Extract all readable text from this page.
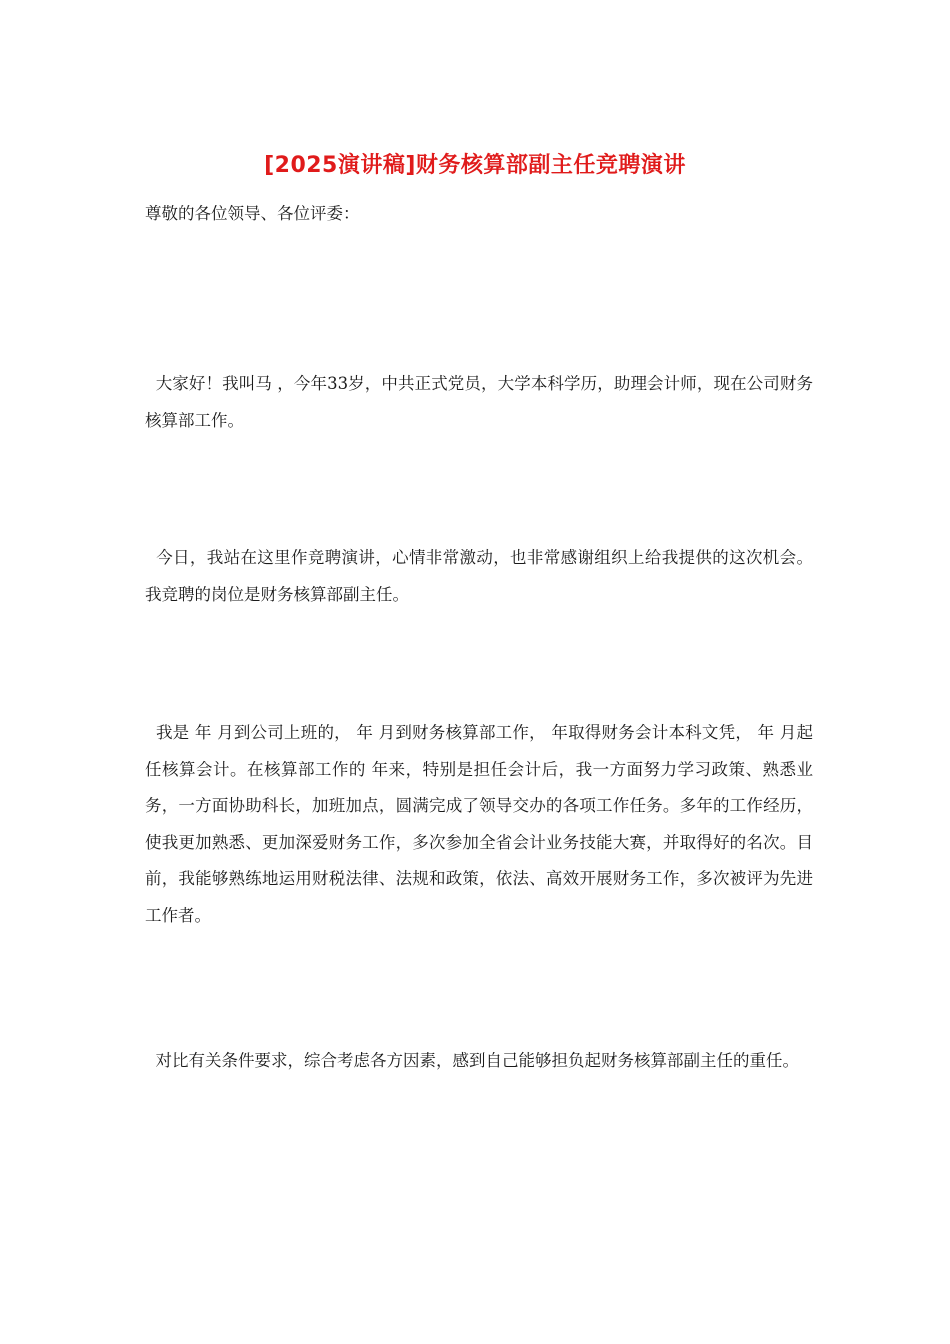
[2025演讲稿]财务核算部副主任竞聘演讲
尊敬的各位领导、各位评委：
大家好！我叫马 ，今年33岁，中共正式党员，大学本科学历，助理会计师，现在公司财务核算部工作。
今日，我站在这里作竞聘演讲，心情非常激动，也非常感谢组织上给我提供的这次机会。我竞聘的岗位是财务核算部副主任。
我是 年 月到公司上班的， 年 月到财务核算部工作， 年取得财务会计本科文凭， 年 月起任核算会计。在核算部工作的 年来，特别是担任会计后，我一方面努力学习政策、熟悉业务，一方面协助科长，加班加点，圆满完成了领导交办的各项工作任务。多年的工作经历，使我更加熟悉、更加深爱财务工作，多次参加全省会计业务技能大赛，并取得好的名次。目前，我能够熟练地运用财税法律、法规和政策，依法、高效开展财务工作，多次被评为先进工作者。
对比有关条件要求，综合考虑各方因素，感到自己能够担负起财务核算部副主任的重任。
